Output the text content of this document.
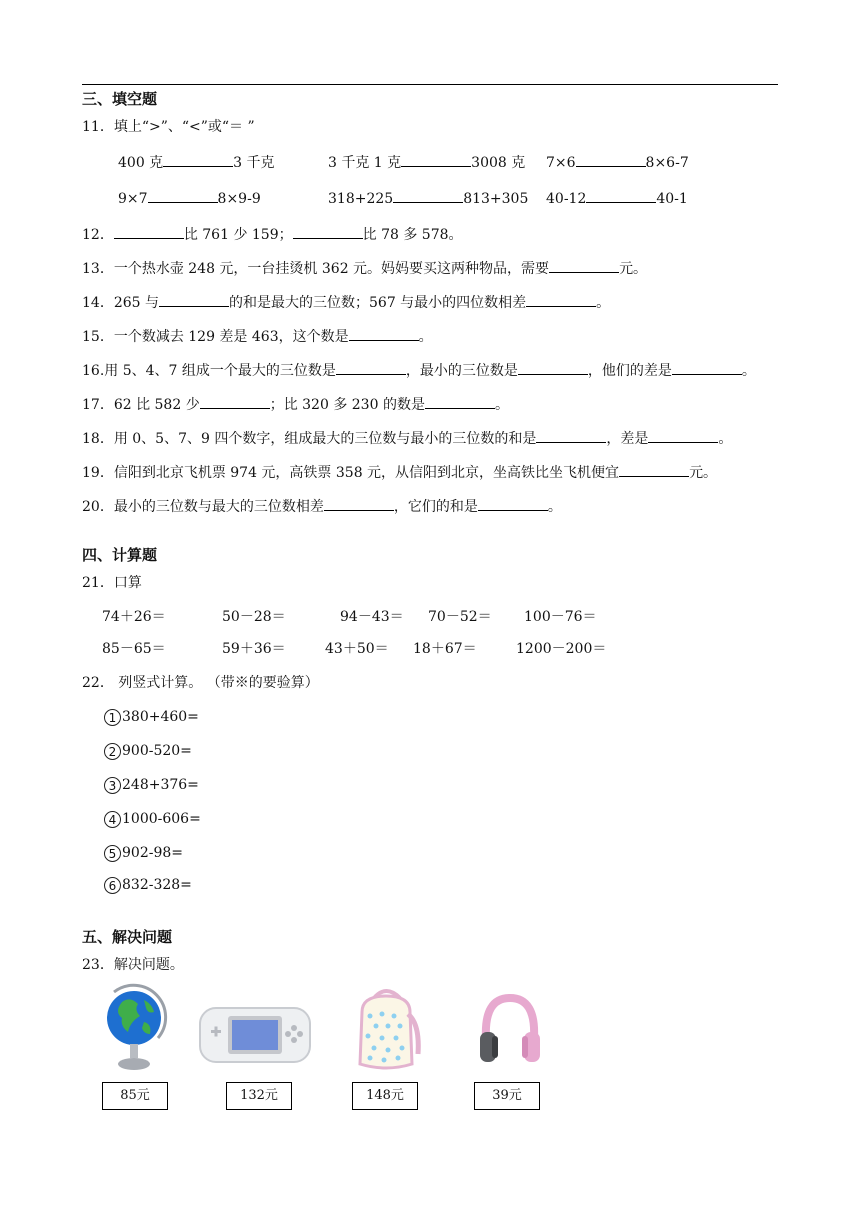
三、填空题
11．填上“>”、“<”或“＝ ”
400 克	3 千克	3 千克 1 克	3008 克 7×6	8×6-7
9×7	8×9-9	318+225	813+305 40-12	40-1
12．	比 761 少 159；	比 78 多 578。
13．一个热水壶 248 元，一台挂烫机 362 元。妈妈要买这两种物品，需要	元。
14．265 与	的和是最大的三位数；567 与最小的四位数相差	。
15．一个数减去 129 差是 463，这个数是	。
16.用 5、4、7 组成一个最大的三位数是	，最小的三位数是	，他们的差是	。
17．62 比 582 少	；比 320 多 230 的数是	。
18．用 0、5、7、9 四个数字，组成最大的三位数与最小的三位数的和是	，差是	。
19．信阳到北京飞机票 974 元，高铁票 358 元，从信阳到北京，坐高铁比坐飞机便宜	元。
20．最小的三位数与最大的三位数相差	，它们的和是	。
四、计算题
21．口算
74＋26＝	50－28＝	94－43＝ 70－52＝ 100－76＝
85－65＝	59＋36＝	43＋50＝ 18＋67＝	1200－200＝
22． 列竖式计算。 （带※的要验算）
1 380+460=
2 900-520=
3 248+376=
4 1000-606=
5 902-98=
6 832-328=
五、解决问题
23．解决问题。
85元	132元	148元	39元
